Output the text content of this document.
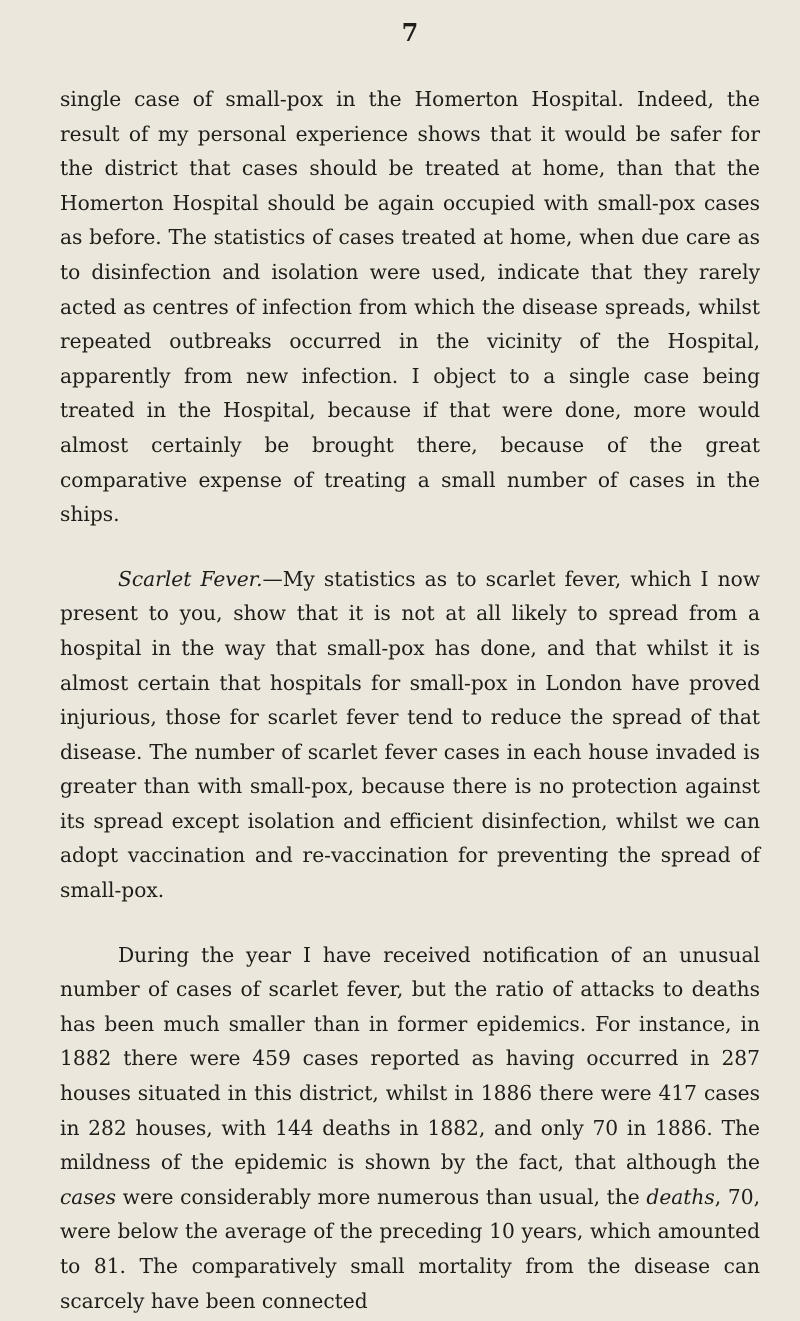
7

single case of small-pox in the Homerton Hospital. Indeed, the result of my personal experience shows that it would be safer for the district that cases should be treated at home, than that the Homerton Hospital should be again occupied with small-pox cases as before. The statistics of cases treated at home, when due care as to disinfection and isolation were used, indicate that they rarely acted as centres of infection from which the disease spreads, whilst repeated outbreaks occurred in the vicinity of the Hospital, apparently from new infection. I object to a single case being treated in the Hospital, because if that were done, more would almost certainly be brought there, because of the great comparative expense of treating a small number of cases in the ships.

Scarlet Fever.—My statistics as to scarlet fever, which I now present to you, show that it is not at all likely to spread from a hospital in the way that small-pox has done, and that whilst it is almost certain that hospitals for small-pox in London have proved injurious, those for scarlet fever tend to reduce the spread of that disease. The number of scarlet fever cases in each house invaded is greater than with small-pox, because there is no protection against its spread except isolation and efficient disinfection, whilst we can adopt vaccination and re-vaccination for preventing the spread of small-pox.

During the year I have received notification of an unusual number of cases of scarlet fever, but the ratio of attacks to deaths has been much smaller than in former epidemics. For instance, in 1882 there were 459 cases reported as having occurred in 287 houses situated in this district, whilst in 1886 there were 417 cases in 282 houses, with 144 deaths in 1882, and only 70 in 1886. The mildness of the epidemic is shown by the fact, that although the cases were considerably more numerous than usual, the deaths, 70, were below the average of the preceding 10 years, which amounted to 81. The comparatively small mortality from the disease can scarcely have been connected
